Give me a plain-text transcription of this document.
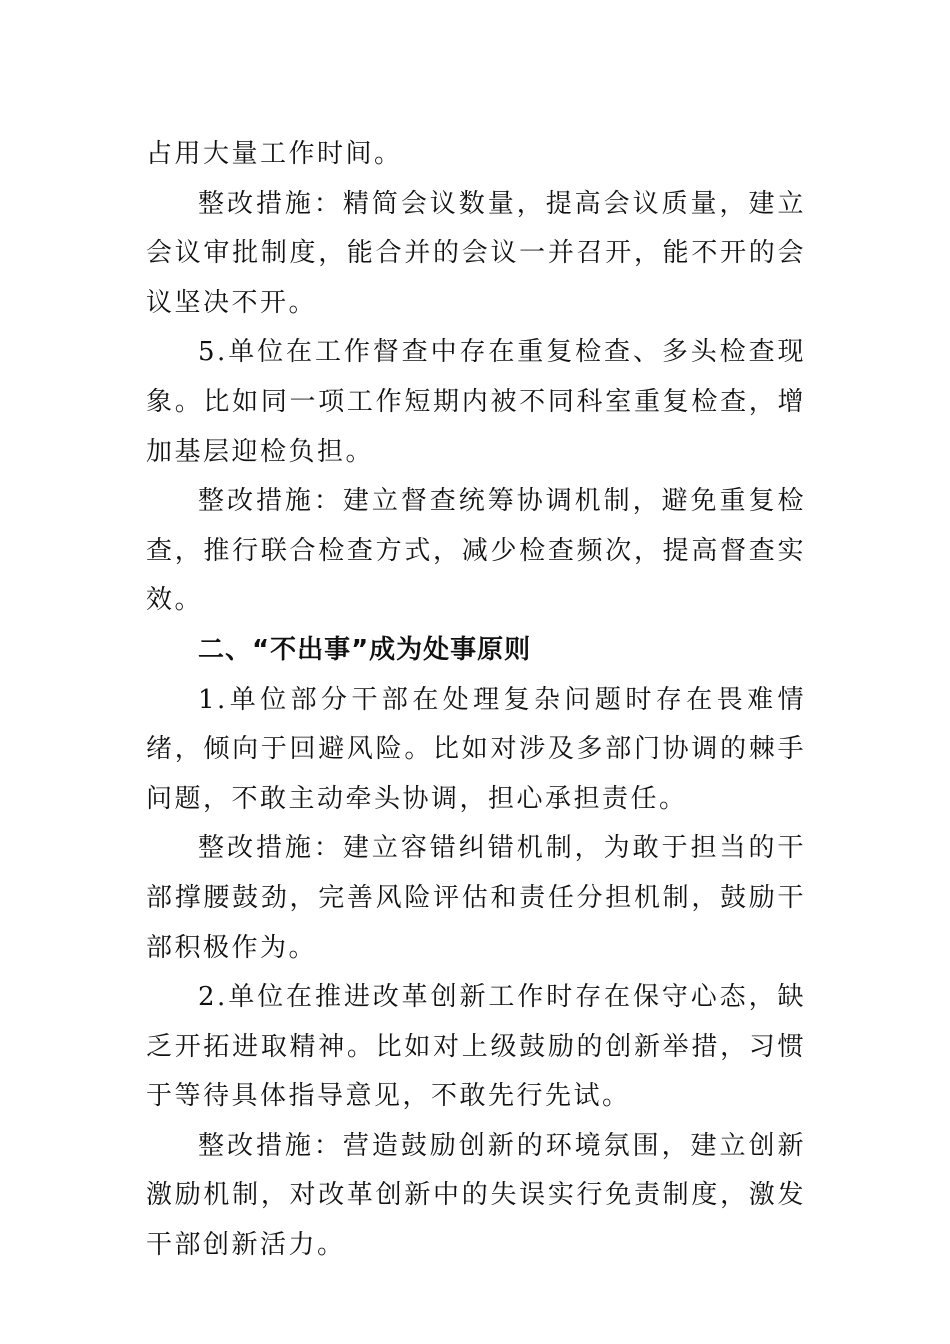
占用大量工作时间。

整改措施：精简会议数量，提高会议质量，建立会议审批制度，能合并的会议一并召开，能不开的会议坚决不开。

5.单位在工作督查中存在重复检查、多头检查现象。比如同一项工作短期内被不同科室重复检查，增加基层迎检负担。

整改措施：建立督查统筹协调机制，避免重复检查，推行联合检查方式，减少检查频次，提高督查实效。

二、“不出事”成为处事原则

1.单位部分干部在处理复杂问题时存在畏难情绪，倾向于回避风险。比如对涉及多部门协调的棘手问题，不敢主动牵头协调，担心承担责任。

整改措施：建立容错纠错机制，为敢于担当的干部撑腰鼓劲，完善风险评估和责任分担机制，鼓励干部积极作为。

2.单位在推进改革创新工作时存在保守心态，缺乏开拓进取精神。比如对上级鼓励的创新举措，习惯于等待具体指导意见，不敢先行先试。

整改措施：营造鼓励创新的环境氛围，建立创新激励机制，对改革创新中的失误实行免责制度，激发干部创新活力。
